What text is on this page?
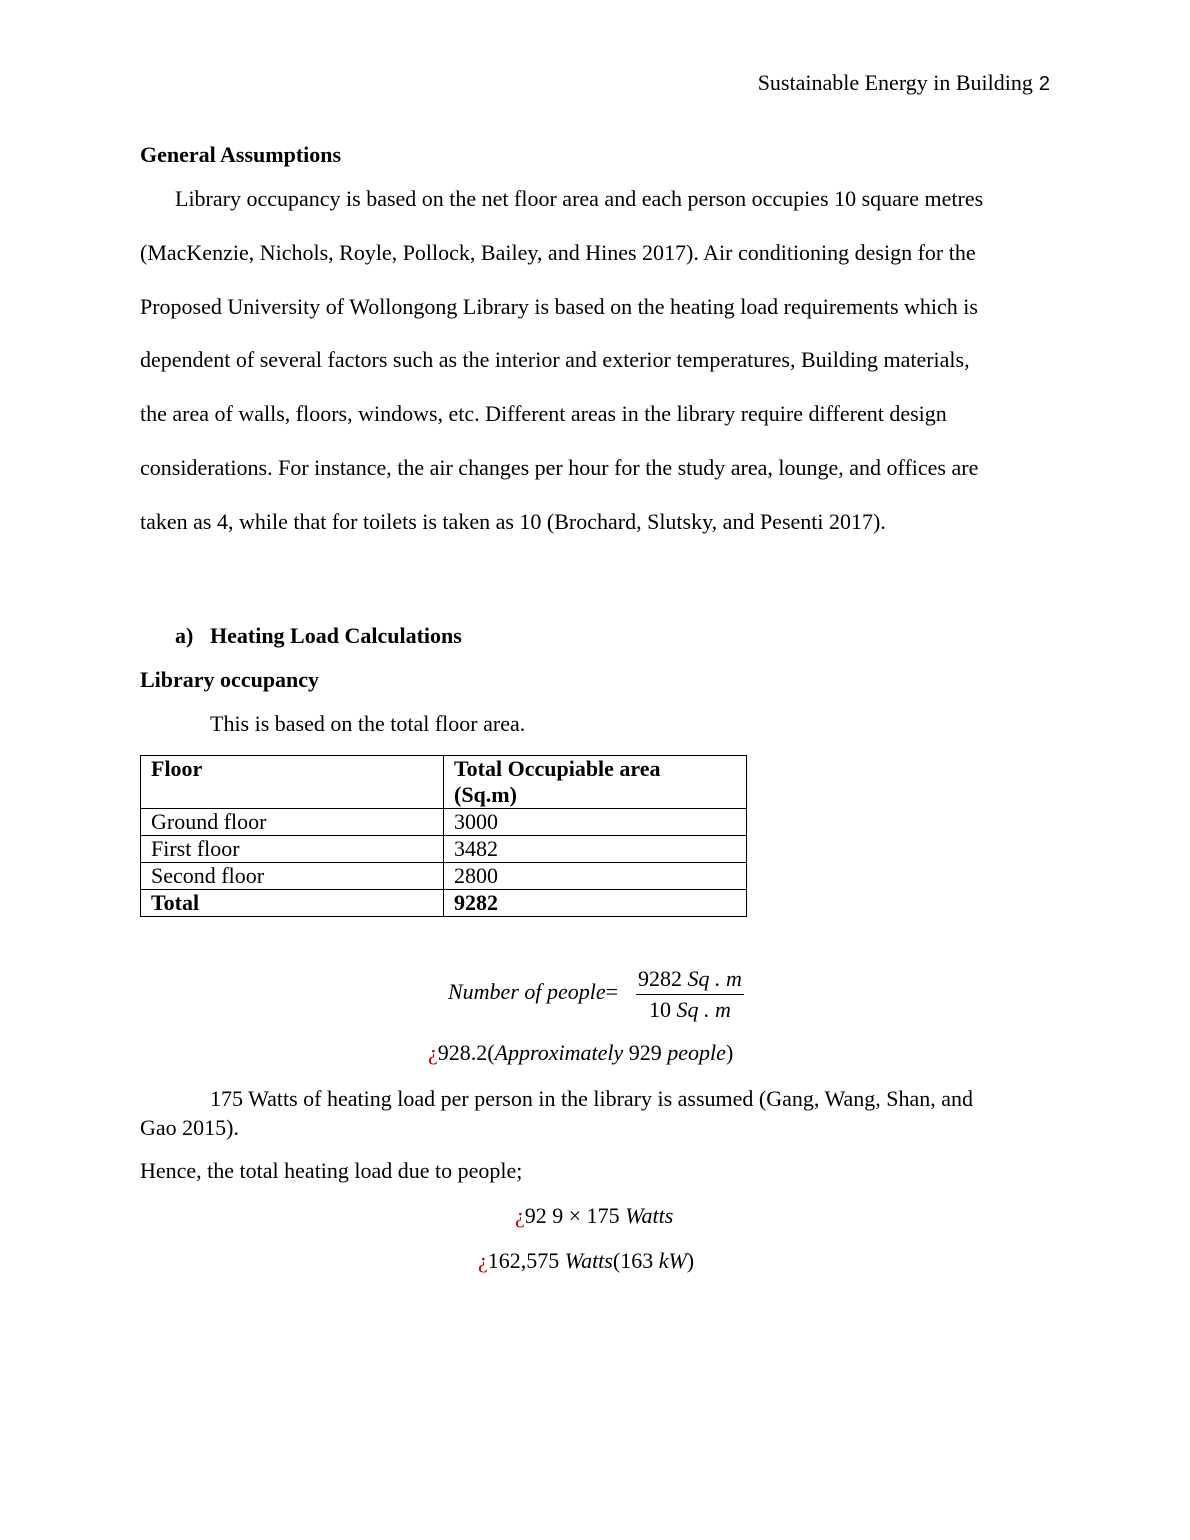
Sustainable Energy in Building 2
General Assumptions
Library occupancy is based on the net floor area and each person occupies 10 square metres
(MacKenzie, Nichols, Royle, Pollock, Bailey, and Hines 2017). Air conditioning design for the
Proposed University of Wollongong Library is based on the heating load requirements which is
dependent of several factors such as the interior and exterior temperatures, Building materials,
the area of walls, floors, windows, etc. Different areas in the library require different design
considerations. For instance, the air changes per hour for the study area, lounge, and offices are
taken as 4, while that for toilets is taken as 10 (Brochard, Slutsky, and Pesenti 2017).
a) Heating Load Calculations
Library occupancy
This is based on the total floor area.
Floor	Total Occupiable area
(Sq.m)

Ground floor	3000
First floor	3482
Second floor	2800
Total	9282
Number of people= $\frac{9282 Sq . m}{10 Sq . m}$
¿928.2(Approximately 929 people)
175 Watts of heating load per person in the library is assumed (Gang, Wang, Shan, and
Gao 2015).
Hence, the total heating load due to people;
¿92 9 × 175 Watts
¿162,575 Watts(163 kW)
